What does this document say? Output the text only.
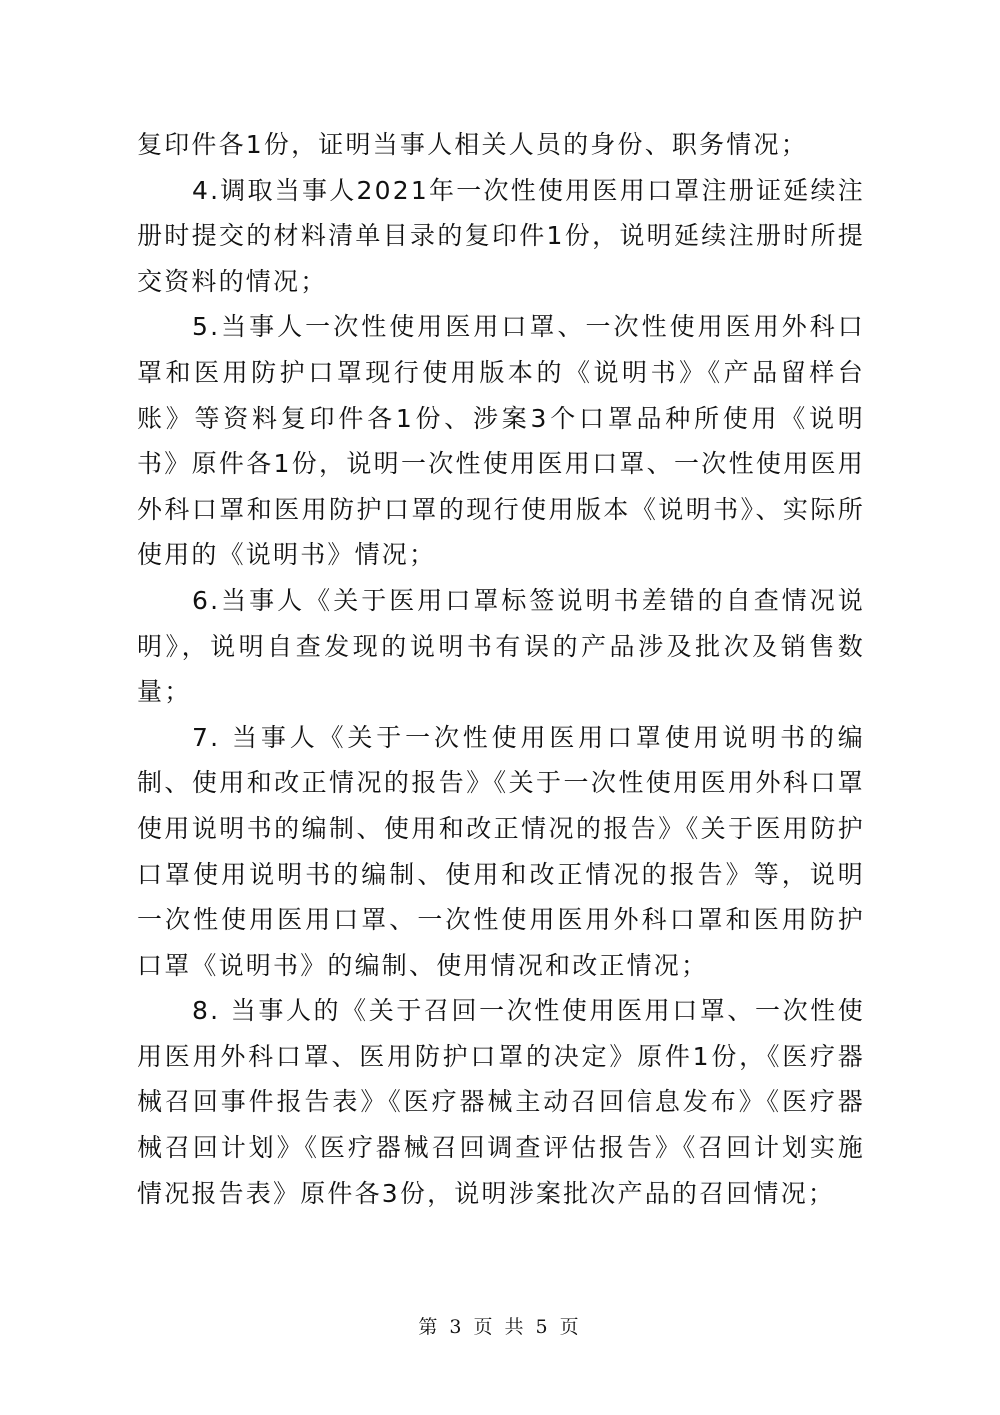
复印件各1份，证明当事人相关人员的身份、职务情况；

4.调取当事人2021年一次性使用医用口罩注册证延续注册时提交的材料清单目录的复印件1份，说明延续注册时所提交资料的情况；

5.当事人一次性使用医用口罩、一次性使用医用外科口罩和医用防护口罩现行使用版本的《说明书》《产品留样台账》等资料复印件各1份、涉案3个口罩品种所使用《说明书》原件各1份，说明一次性使用医用口罩、一次性使用医用外科口罩和医用防护口罩的现行使用版本《说明书》、实际所使用的《说明书》情况；

6.当事人《关于医用口罩标签说明书差错的自查情况说明》，说明自查发现的说明书有误的产品涉及批次及销售数量；

7. 当事人《关于一次性使用医用口罩使用说明书的编制、使用和改正情况的报告》《关于一次性使用医用外科口罩使用说明书的编制、使用和改正情况的报告》《关于医用防护口罩使用说明书的编制、使用和改正情况的报告》等，说明一次性使用医用口罩、一次性使用医用外科口罩和医用防护口罩《说明书》的编制、使用情况和改正情况；

8. 当事人的《关于召回一次性使用医用口罩、一次性使用医用外科口罩、医用防护口罩的决定》原件1份，《医疗器械召回事件报告表》《医疗器械主动召回信息发布》《医疗器械召回计划》《医疗器械召回调查评估报告》《召回计划实施情况报告表》原件各3份，说明涉案批次产品的召回情况；

第 3 页 共 5 页
